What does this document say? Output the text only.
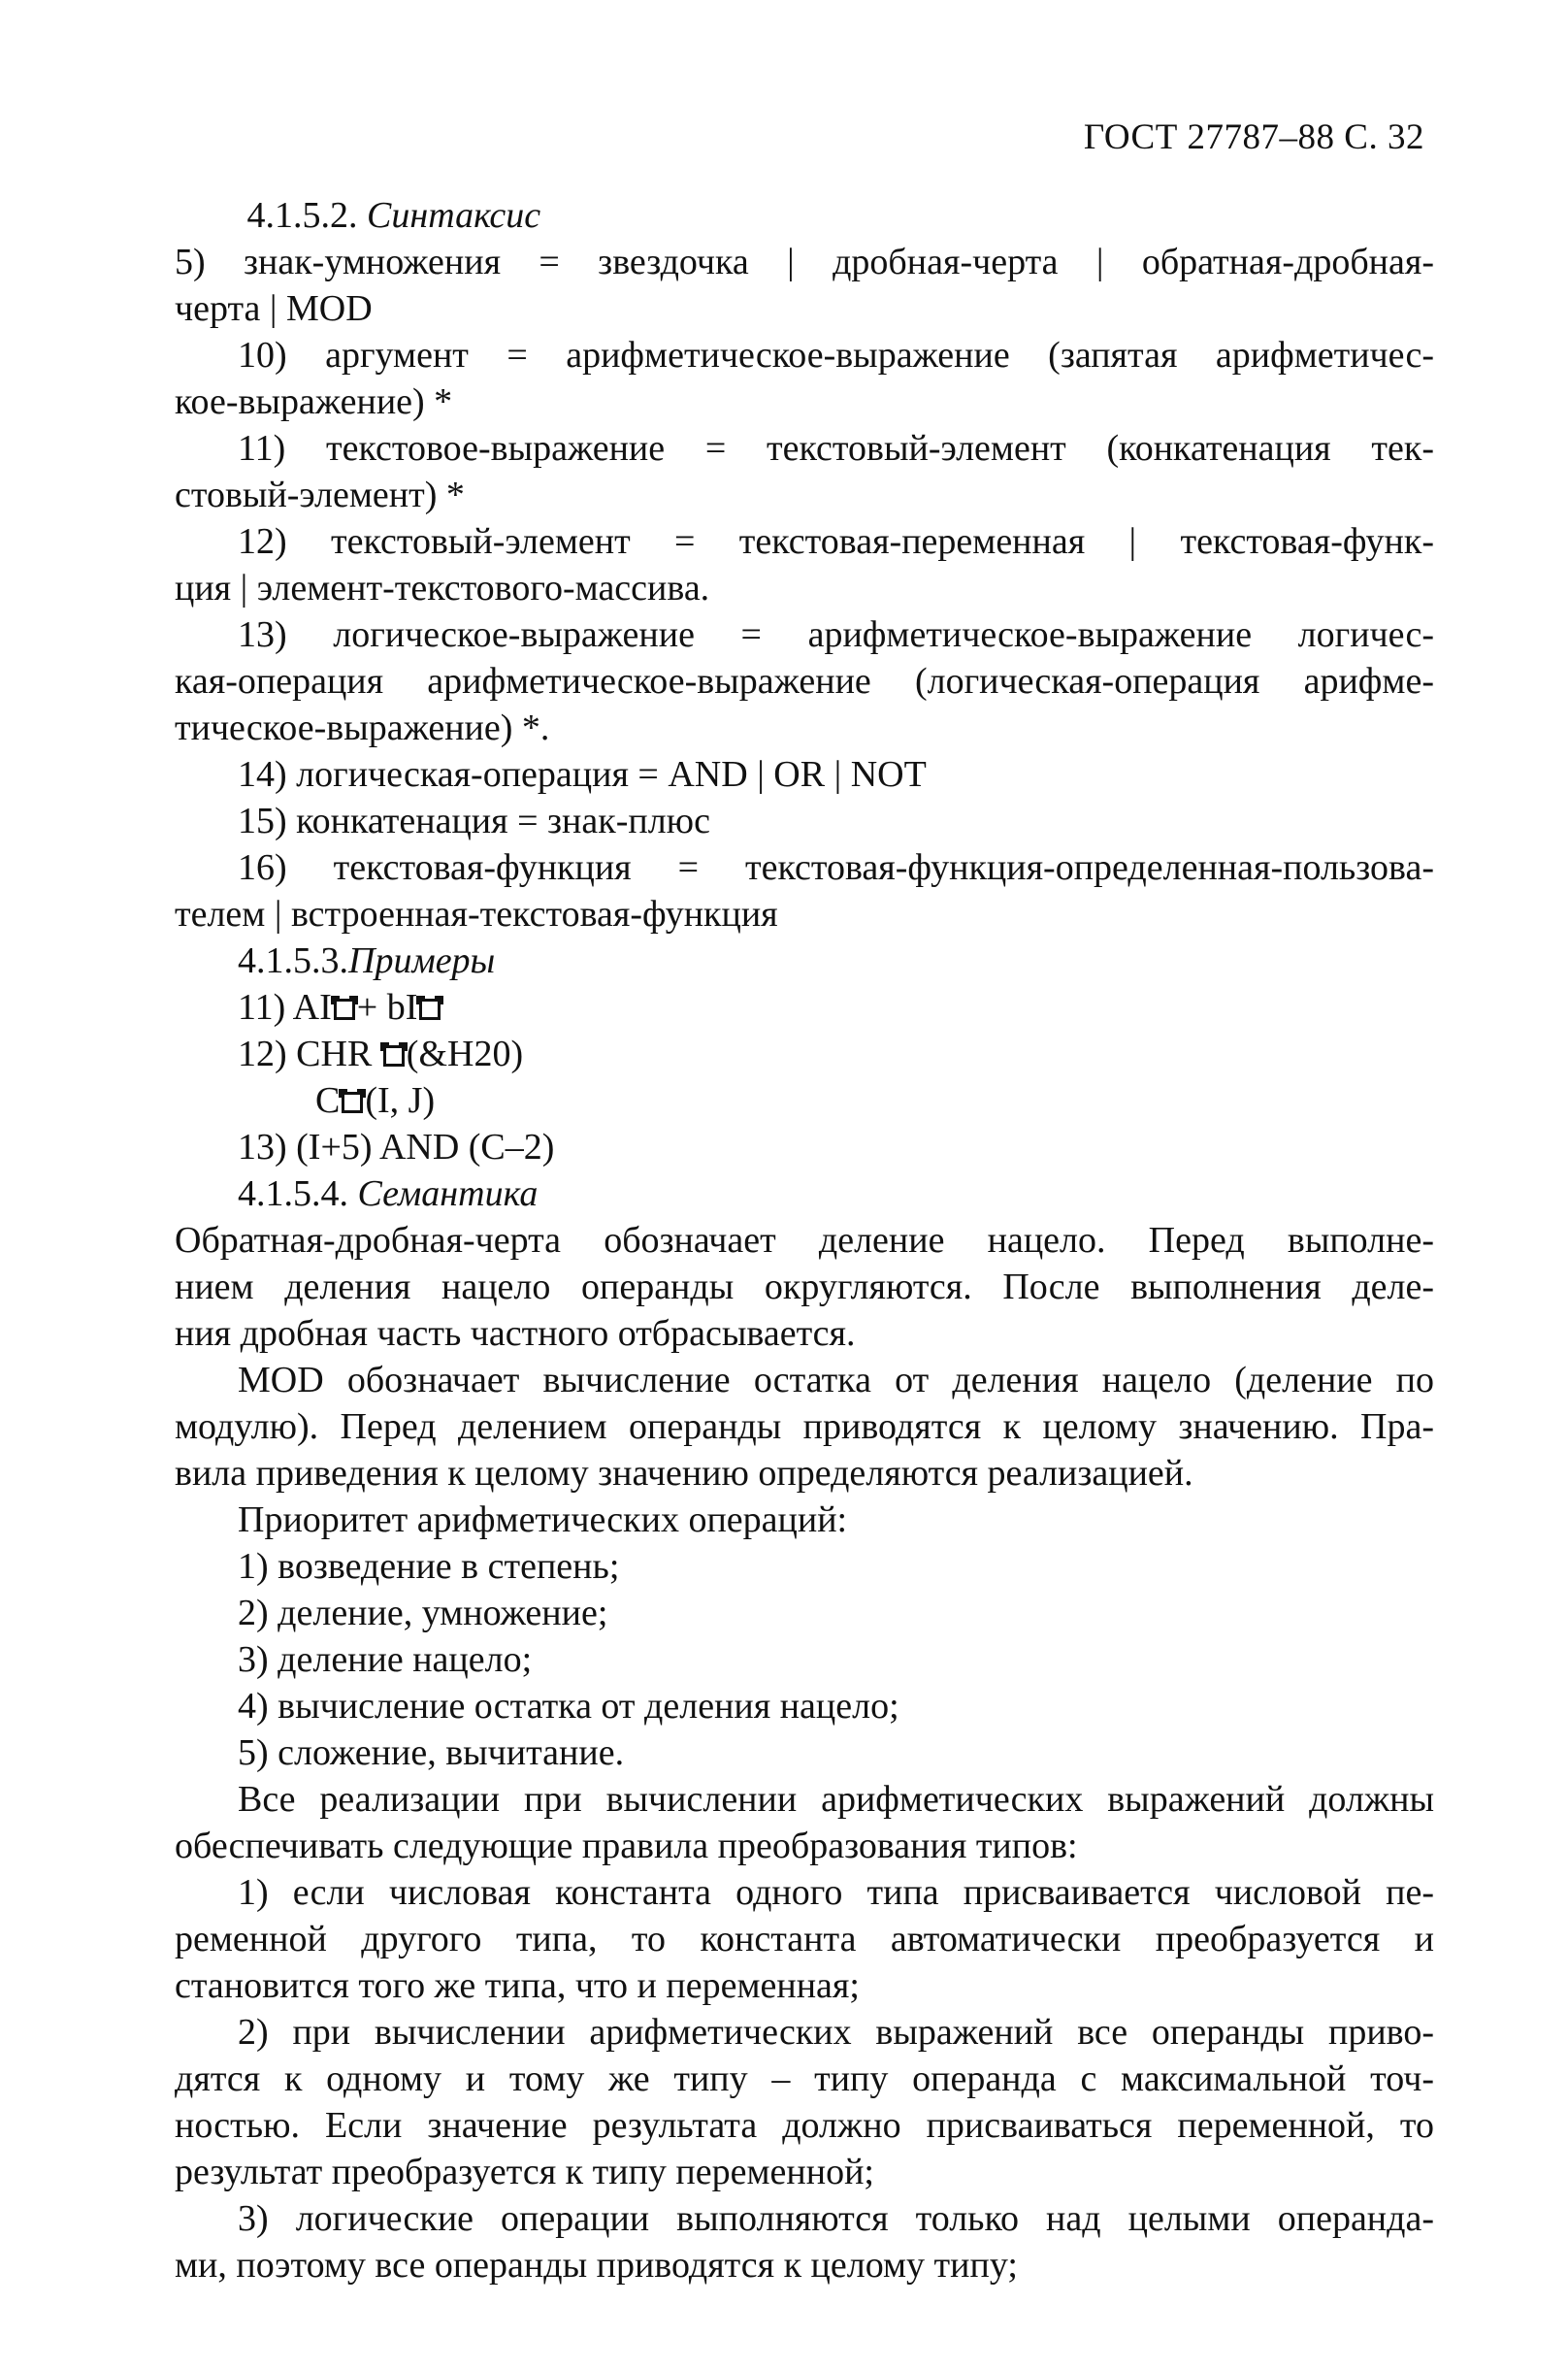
ГОСТ 27787–88 С. 32

4.1.5.2. Синтаксис

5) знак-умножения = звездочка | дробная-черта | обратная-дробная-
черта | MOD

10) аргумент = арифметическое-выражение (запятая арифметичес-
кое-выражение) *

11) текстовое-выражение = текстовый-элемент (конкатенация тек-
стовый-элемент) *

12) текстовый-элемент = текстовая-переменная | текстовая-функ-
ция | элемент-текстового-массива.

13) логическое-выражение = арифметическое-выражение логичес-
кая-операция арифметическое-выражение (логическая-операция арифме-
тическое-выражение) *.

14) логическая-операция = AND | OR | NOT

15) конкатенация = знак-плюс

16) текстовая-функция = текстовая-функция-определенная-пользова-
телем | встроенная-текстовая-функция

4.1.5.3.Примеры

11) AI + bI

12) CHR (&H20)

C (I, J)

13) (I+5) AND (C–2)

4.1.5.4. Семантика

Обратная-дробная-черта обозначает деление нацело. Перед выполне-
нием деления нацело операнды округляются. После выполнения деле-
ния дробная часть частного отбрасывается.

MOD обозначает вычисление остатка от деления нацело (деление по
модулю). Перед делением операнды приводятся к целому значению. Пра-
вила приведения к целому значению определяются реализацией.

Приоритет арифметических операций:

1) возведение в степень;

2) деление, умножение;

3) деление нацело;

4) вычисление остатка от деления нацело;

5) сложение, вычитание.

Все реализации при вычислении арифметических выражений должны
обеспечивать следующие правила преобразования типов:

1) если числовая константа одного типа присваивается числовой пе-
ременной другого типа, то константа автоматически преобразуется и
становится того же типа, что и переменная;

2) при вычислении арифметических выражений все операнды приво-
дятся к одному и тому же типу – типу операнда с максимальной точ-
ностью. Если значение результата должно присваиваться переменной, то
результат преобразуется к типу переменной;

3) логические операции выполняются только над целыми операнда-
ми, поэтому все операнды приводятся к целому типу;
